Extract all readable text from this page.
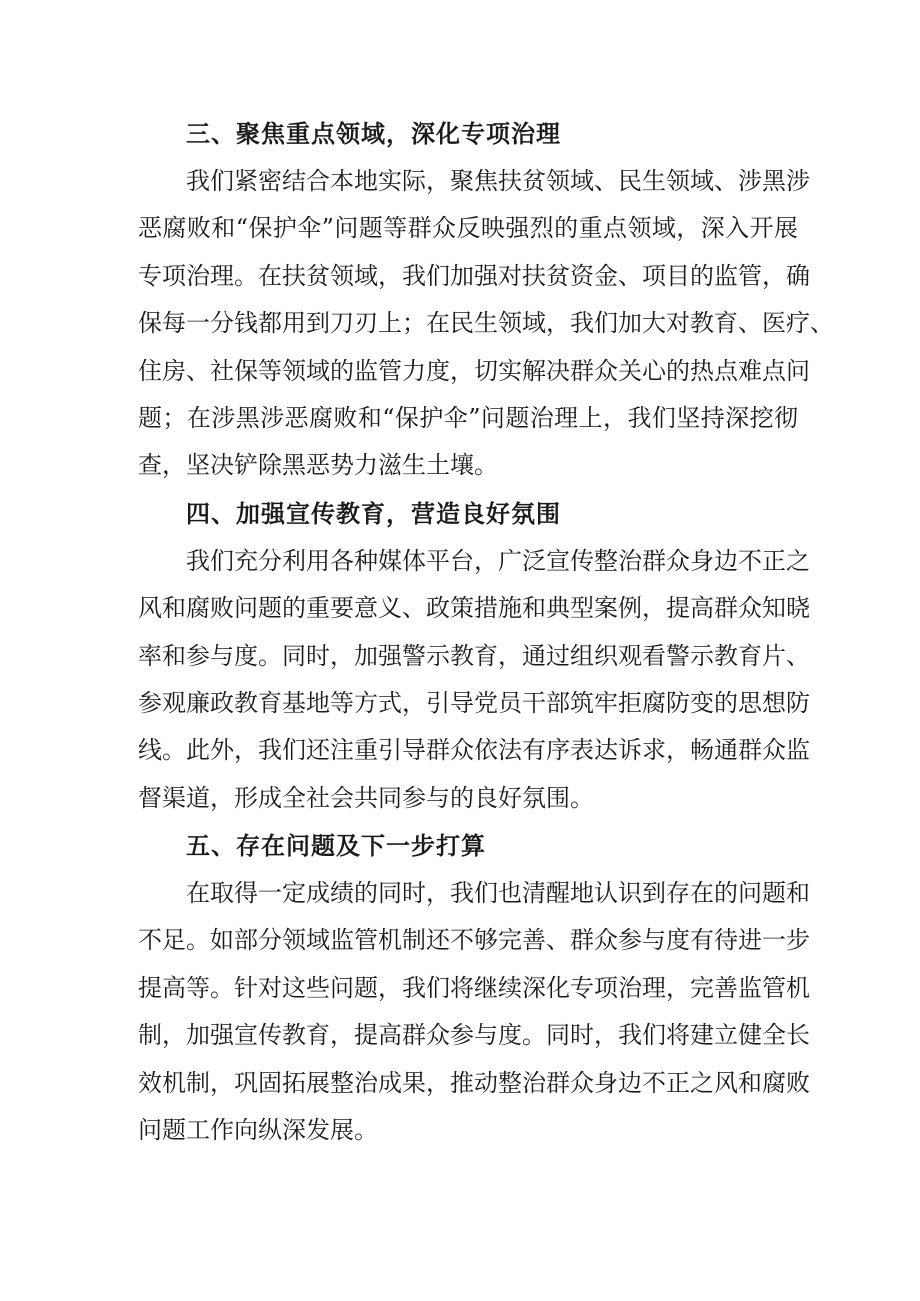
三、聚焦重点领域，深化专项治理

我们紧密结合本地实际，聚焦扶贫领域、民生领域、涉黑涉
恶腐败和“保护伞”问题等群众反映强烈的重点领域，深入开展
专项治理。在扶贫领域，我们加强对扶贫资金、项目的监管，确
保每一分钱都用到刀刃上；在民生领域，我们加大对教育、医疗、
住房、社保等领域的监管力度，切实解决群众关心的热点难点问
题；在涉黑涉恶腐败和“保护伞”问题治理上，我们坚持深挖彻
查，坚决铲除黑恶势力滋生土壤。

四、加强宣传教育，营造良好氛围

我们充分利用各种媒体平台，广泛宣传整治群众身边不正之
风和腐败问题的重要意义、政策措施和典型案例，提高群众知晓
率和参与度。同时，加强警示教育，通过组织观看警示教育片、
参观廉政教育基地等方式，引导党员干部筑牢拒腐防变的思想防
线。此外，我们还注重引导群众依法有序表达诉求，畅通群众监
督渠道，形成全社会共同参与的良好氛围。

五、存在问题及下一步打算

在取得一定成绩的同时，我们也清醒地认识到存在的问题和
不足。如部分领域监管机制还不够完善、群众参与度有待进一步
提高等。针对这些问题，我们将继续深化专项治理，完善监管机
制，加强宣传教育，提高群众参与度。同时，我们将建立健全长
效机制，巩固拓展整治成果，推动整治群众身边不正之风和腐败
问题工作向纵深发展。
